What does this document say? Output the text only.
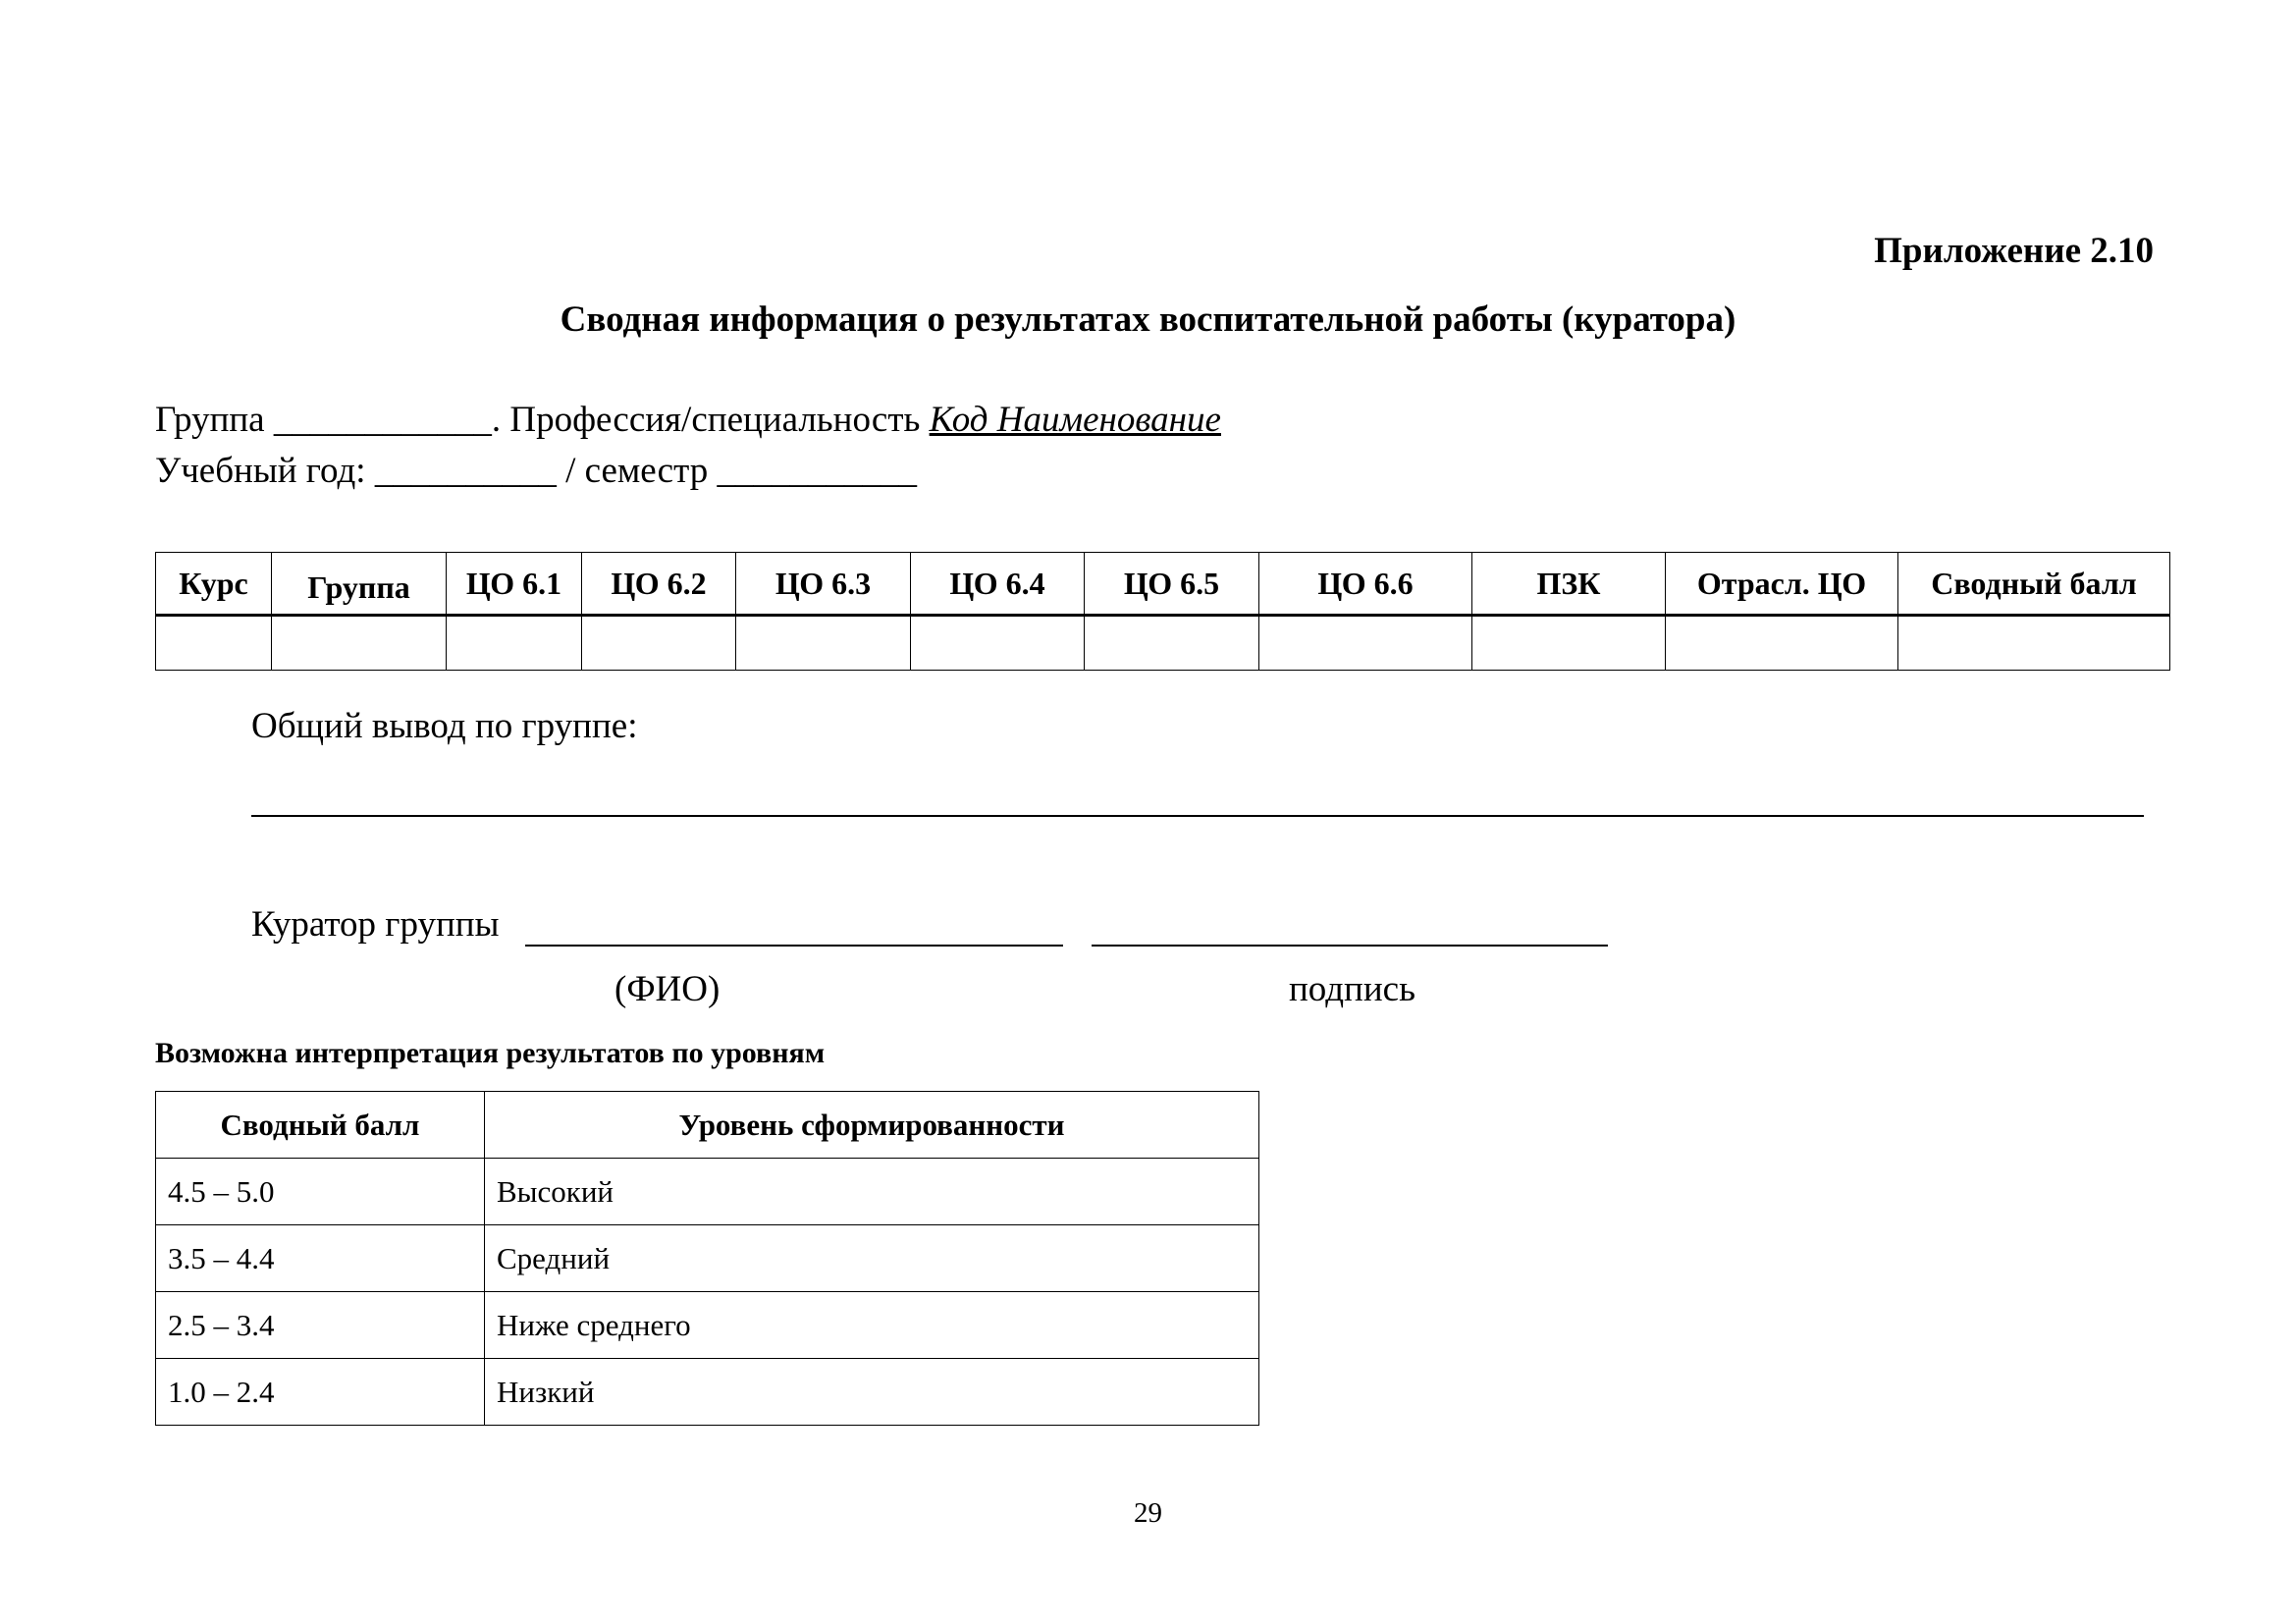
Приложение 2.10
Сводная информация о результатах воспитательной работы (куратора)
Группа ____________. Профессия/специальность Код Наименование
Учебный год: __________ / семестр ___________
Курс	Группа	ЦО 6.1	ЦО 6.2	ЦО 6.3	ЦО 6.4	ЦО 6.5	ЦО 6.6	ПЗК	Отрасл. ЦО	Сводный балл

Общий вывод по группе:
Куратор группы
(ФИО)	подпись
Возможна интерпретация результатов по уровням
Сводный балл	Уровень сформированности
4.5 – 5.0	Высокий
3.5 – 4.4	Средний
2.5 – 3.4	Ниже среднего
1.0 – 2.4	Низкий
29
